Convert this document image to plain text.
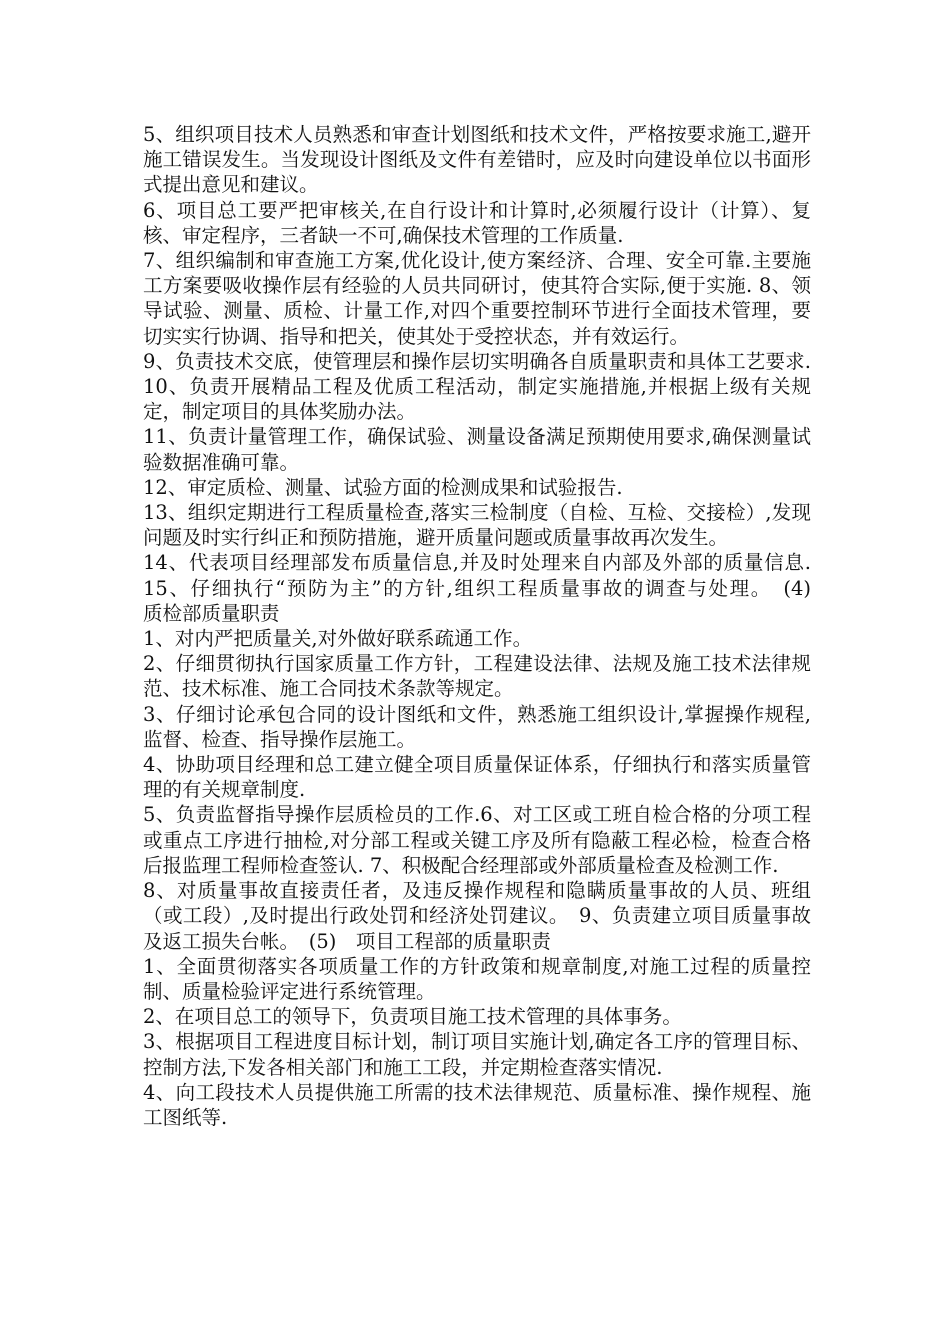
5、组织项目技术人员熟悉和审查计划图纸和技术文件，严格按要求施工,避开施工错误发生。当发现设计图纸及文件有差错时，应及时向建设单位以书面形式提出意见和建议。

6、项目总工要严把审核关,在自行设计和计算时,必须履行设计（计算）、复核、审定程序，三者缺一不可,确保技术管理的工作质量.

7、组织编制和审查施工方案,优化设计,使方案经济、合理、安全可靠.主要施工方案要吸收操作层有经验的人员共同研讨，使其符合实际,便于实施. 8、领导试验、测量、质检、计量工作,对四个重要控制环节进行全面技术管理，要切实实行协调、指导和把关，使其处于受控状态，并有效运行。

9、负责技术交底，使管理层和操作层切实明确各自质量职责和具体工艺要求. 10、负责开展精品工程及优质工程活动，制定实施措施,并根据上级有关规定，制定项目的具体奖励办法。

11、负责计量管理工作，确保试验、测量设备满足预期使用要求,确保测量试验数据准确可靠。

12、审定质检、测量、试验方面的检测成果和试验报告.

13、组织定期进行工程质量检查,落实三检制度（自检、互检、交接检）,发现问题及时实行纠正和预防措施，避开质量问题或质量事故再次发生。

14、代表项目经理部发布质量信息,并及时处理来自内部及外部的质量信息. 15、仔细执行“预防为主”的方针,组织工程质量事故的调查与处理。　(4)　　质检部质量职责

1、对内严把质量关,对外做好联系疏通工作。

2、仔细贯彻执行国家质量工作方针，工程建设法律、法规及施工技术法律规范、技术标准、施工合同技术条款等规定。

3、仔细讨论承包合同的设计图纸和文件，熟悉施工组织设计,掌握操作规程,监督、检查、指导操作层施工。

4、协助项目经理和总工建立健全项目质量保证体系，仔细执行和落实质量管理的有关规章制度.

5、负责监督指导操作层质检员的工作.6、对工区或工班自检合格的分项工程或重点工序进行抽检,对分部工程或关键工序及所有隐蔽工程必检，检查合格后报监理工程师检查签认. 7、积极配合经理部或外部质量检查及检测工作.

8、对质量事故直接责任者，及违反操作规程和隐瞒质量事故的人员、班组（或工段）,及时提出行政处罚和经济处罚建议。　9、负责建立项目质量事故及返工损失台帐。　(5)　项目工程部的质量职责

1、全面贯彻落实各项质量工作的方针政策和规章制度,对施工过程的质量控制、质量检验评定进行系统管理。

2、在项目总工的领导下，负责项目施工技术管理的具体事务。

3、根据项目工程进度目标计划，制订项目实施计划,确定各工序的管理目标、控制方法,下发各相关部门和施工工段，并定期检查落实情况.

4、向工段技术人员提供施工所需的技术法律规范、质量标准、操作规程、施工图纸等.
